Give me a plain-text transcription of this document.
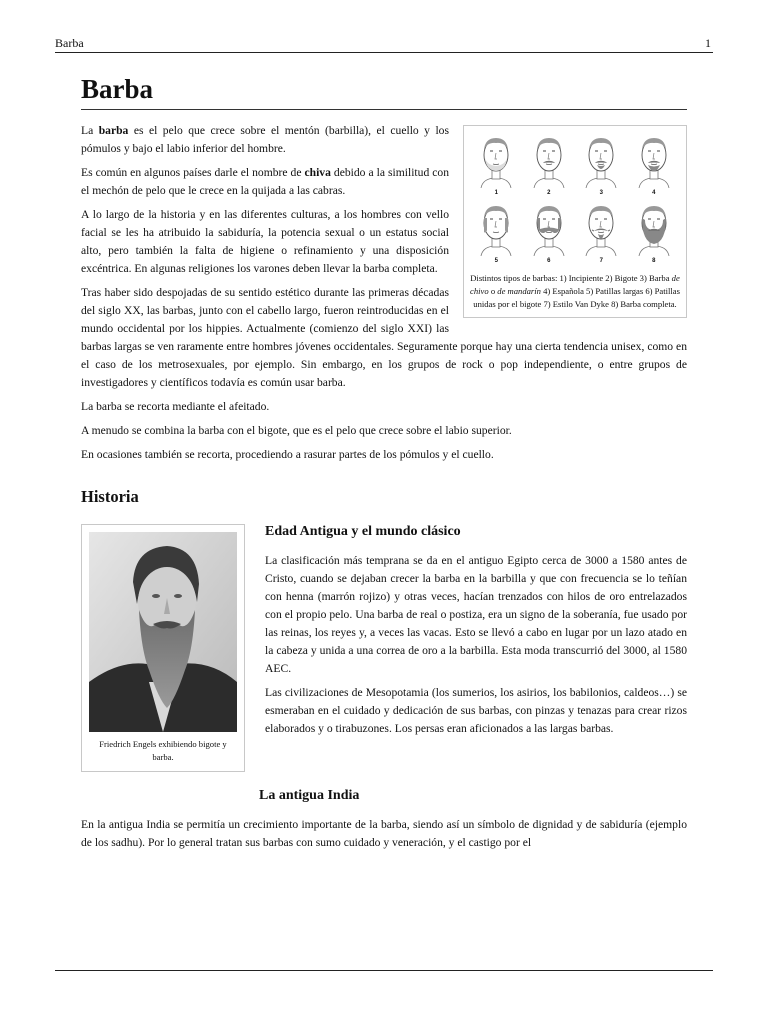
Barba	1
Barba
1	2	3	4
5	6	7	8
Distintos tipos de barbas: 1) Incipiente 2) Bigote 3) Barba de chivo o de mandarín 4) Española 5) Patillas largas 6) Patillas unidas por el bigote 7) Estilo Van Dyke 8) Barba completa.

La barba es el pelo que crece sobre el mentón (barbilla), el cuello y los pómulos y bajo el labio inferior del hombre.

Es común en algunos países darle el nombre de chiva debido a la similitud con el mechón de pelo que le crece en la quijada a las cabras.

A lo largo de la historia y en las diferentes culturas, a los hombres con vello facial se les ha atribuido la sabiduría, la potencia sexual o un estatus social alto, pero también la falta de higiene o refinamiento y una disposición excéntrica. En algunas religiones los varones deben llevar la barba completa.

Tras haber sido despojadas de su sentido estético durante las primeras décadas del siglo XX, las barbas, junto con el cabello largo, fueron reintroducidas en el mundo occidental por los hippies. Actualmente (comienzo del siglo XXI) las barbas largas se ven raramente entre hombres jóvenes occidentales. Seguramente porque hay una cierta tendencia unisex, como en el caso de los metrosexuales, por ejemplo. Sin embargo, en los grupos de rock o pop independiente, o entre grupos de investigadores y científicos todavía es común usar barba.

La barba se recorta mediante el afeitado.

A menudo se combina la barba con el bigote, que es el pelo que crece sobre el labio superior.

En ocasiones también se recorta, procediendo a rasurar partes de los pómulos y el cuello.

Historia
Friedrich Engels exhibiendo bigote y barba.
Edad Antigua y el mundo clásico

La clasificación más temprana se da en el antiguo Egipto cerca de 3000 a 1580 antes de Cristo, cuando se dejaban crecer la barba en la barbilla y que con frecuencia se lo teñían con henna (marrón rojizo) y otras veces, hacían trenzados con hilos de oro entrelazados con el propio pelo. Una barba de real o postiza, era un signo de la soberanía, fue usado por las reinas, los reyes y, a veces las vacas. Esto se llevó a cabo en lugar por un lazo atado en la cabeza y unida a una correa de oro a la barbilla. Esta moda transcurrió del 3000, al 1580 AEC.

Las civilizaciones de Mesopotamia (los sumerios, los asirios, los babilonios, caldeos…) se esmeraban en el cuidado y dedicación de sus barbas, con pinzas y tenazas para crear rizos elaborados y o tirabuzones. Los persas eran aficionados a las largas barbas.

La antigua India

En la antigua India se permitía un crecimiento importante de la barba, siendo así un símbolo de dignidad y de sabiduría (ejemplo de los sadhu). Por lo general tratan sus barbas con sumo cuidado y veneración, y el castigo por el
